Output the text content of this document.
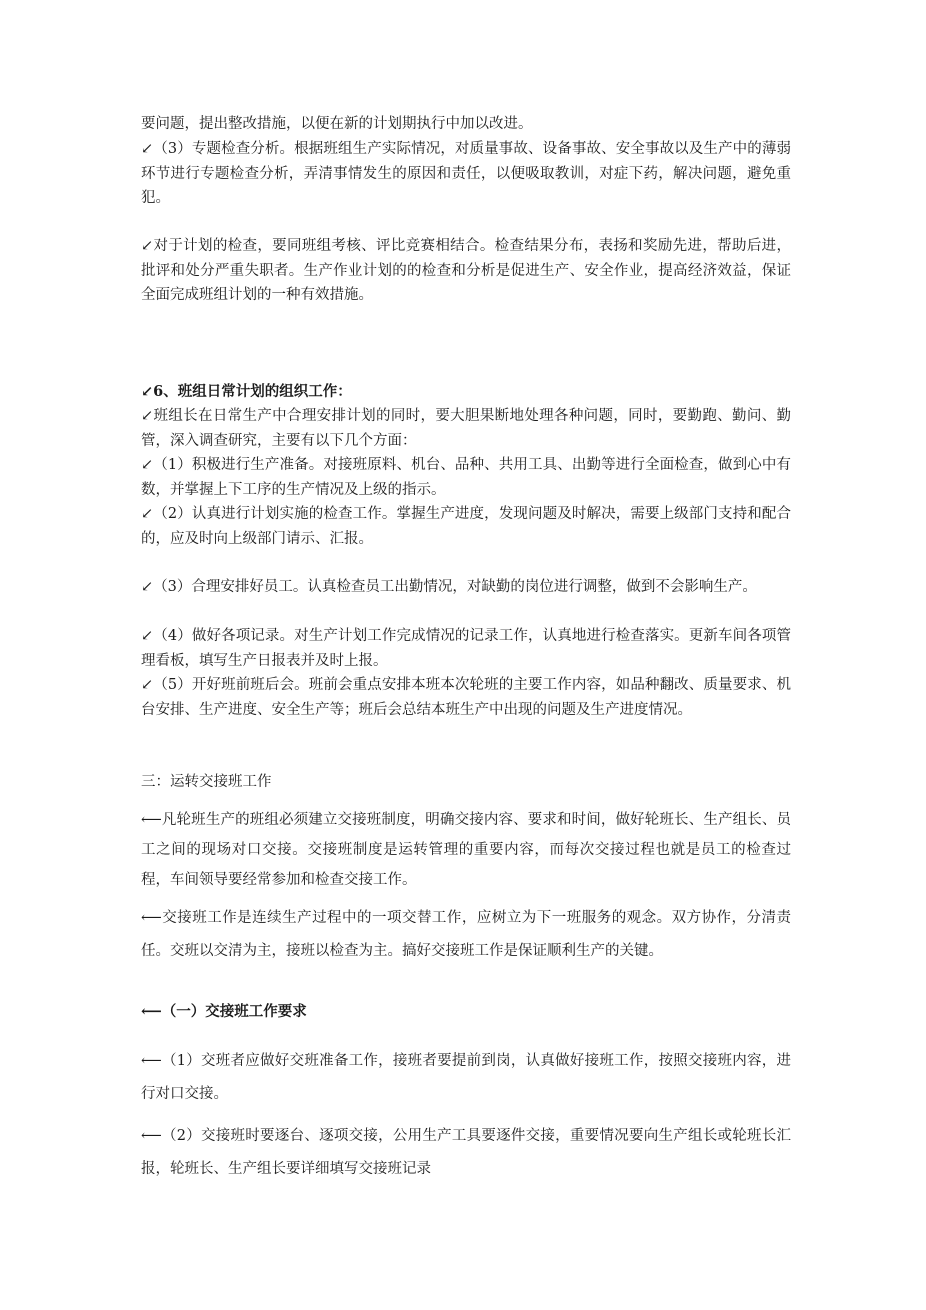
要问题，提出整改措施，以便在新的计划期执行中加以改进。

↙（3）专题检查分析。根据班组生产实际情况，对质量事故、设备事故、安全事故以及生产中的薄弱环节进行专题检查分析，弄清事情发生的原因和责任，以便吸取教训，对症下药，解决问题，避免重犯。

↙对于计划的检查，要同班组考核、评比竞赛相结合。检查结果分布，表扬和奖励先进，帮助后进，批评和处分严重失职者。生产作业计划的的检查和分析是促进生产、安全作业，提高经济效益，保证全面完成班组计划的一种有效措施。

↙6、班组日常计划的组织工作：

↙班组长在日常生产中合理安排计划的同时，要大胆果断地处理各种问题，同时，要勤跑、勤问、勤管，深入调查研究，主要有以下几个方面：

↙（1）积极进行生产准备。对接班原料、机台、品种、共用工具、出勤等进行全面检查，做到心中有数，并掌握上下工序的生产情况及上级的指示。

↙（2）认真进行计划实施的检查工作。掌握生产进度，发现问题及时解决，需要上级部门支持和配合的，应及时向上级部门请示、汇报。

↙（3）合理安排好员工。认真检查员工出勤情况，对缺勤的岗位进行调整，做到不会影响生产。

↙（4）做好各项记录。对生产计划工作完成情况的记录工作，认真地进行检查落实。更新车间各项管理看板，填写生产日报表并及时上报。

↙（5）开好班前班后会。班前会重点安排本班本次轮班的主要工作内容，如品种翻改、质量要求、机台安排、生产进度、安全生产等；班后会总结本班生产中出现的问题及生产进度情况。

三：运转交接班工作

⟵凡轮班生产的班组必须建立交接班制度，明确交接内容、要求和时间，做好轮班长、生产组长、员工之间的现场对口交接。交接班制度是运转管理的重要内容，而每次交接过程也就是员工的检查过程，车间领导要经常参加和检查交接工作。

⟵交接班工作是连续生产过程中的一项交替工作，应树立为下一班服务的观念。双方协作，分清责任。交班以交清为主，接班以检查为主。搞好交接班工作是保证顺利生产的关键。

⟵（一）交接班工作要求

⟵（1）交班者应做好交班准备工作，接班者要提前到岗，认真做好接班工作，按照交接班内容，进行对口交接。

⟵（2）交接班时要逐台、逐项交接，公用生产工具要逐件交接，重要情况要向生产组长或轮班长汇报，轮班长、生产组长要详细填写交接班记录
